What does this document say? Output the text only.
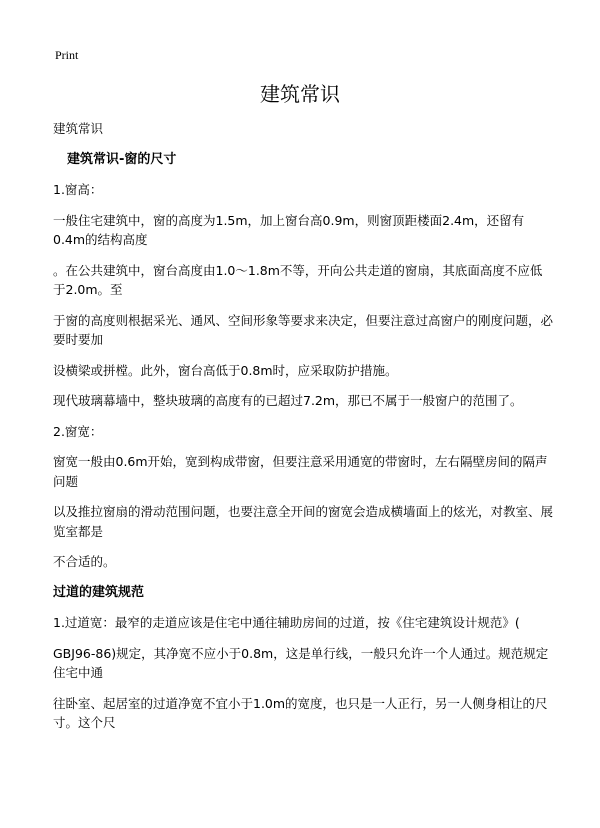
Print
建筑常识

建筑常识

建筑常识-窗的尺寸

1.窗高：

一般住宅建筑中，窗的高度为1.5m，加上窗台高0.9m，则窗顶距楼面2.4m，还留有0.4m的结构高度

。在公共建筑中，窗台高度由1.0～1.8m不等，开向公共走道的窗扇，其底面高度不应低于2.0m。至

于窗的高度则根据采光、通风、空间形象等要求来决定，但要注意过高窗户的刚度问题，必要时要加

设横梁或拼樘。此外，窗台高低于0.8m时，应采取防护措施。

现代玻璃幕墙中，整块玻璃的高度有的已超过7.2m，那已不属于一般窗户的范围了。

2.窗宽：

窗宽一般由0.6m开始，宽到构成带窗，但要注意采用通宽的带窗时，左右隔壁房间的隔声问题

以及推拉窗扇的滑动范围问题，也要注意全开间的窗宽会造成横墙面上的炫光，对教室、展览室都是

不合适的。

过道的建筑规范

1.过道宽：最窄的走道应该是住宅中通往辅助房间的过道，按《住宅建筑设计规范》(

GBJ96-86)规定，其净宽不应小于0.8m，这是单行线，一般只允许一个人通过。规范规定住宅中通

往卧室、起居室的过道净宽不宜小于1.0m的宽度，也只是一人正行，另一人侧身相让的尺寸。这个尺
